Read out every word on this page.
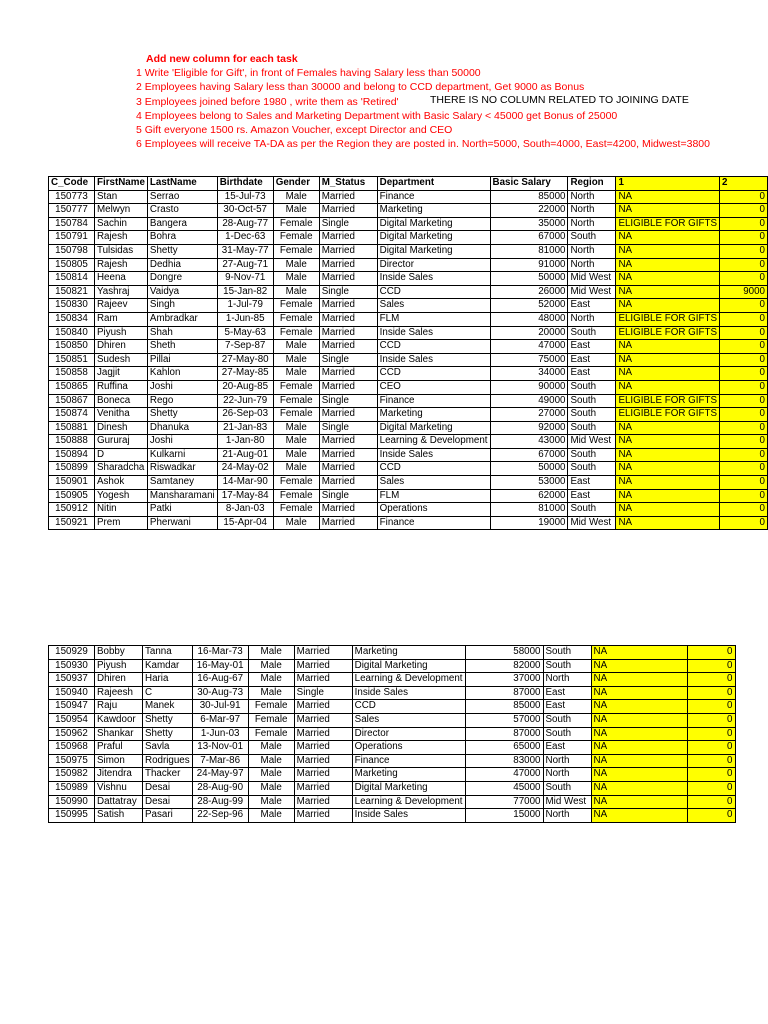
Add new column for each task
1 Write 'Eligible for Gift', in front of Females having Salary less than 50000
2 Employees having Salary less than 30000 and belong to CCD department, Get 9000 as Bonus
3 Employees joined before 1980 , write them as 'Retired'
4 Employees belong to Sales and Marketing Department with Basic Salary < 45000 get Bonus of 25000
5 Gift everyone 1500 rs. Amazon Voucher, except Director and CEO
6 Employees will receive TA-DA as per the Region they are posted in. North=5000, South=4000, East=4200, Midwest=3800
THERE IS NO COLUMN RELATED TO JOINING DATE
C_Code	FirstName	LastName	Birthdate	Gender	M_Status	Department	Basic Salary	Region	1	2
150773	Stan	Serrao	15-Jul-73	Male	Married	Finance	85000	North	NA	0
150777	Melwyn	Crasto	30-Oct-57	Male	Married	Marketing	22000	North	NA	0
150784	Sachin	Bangera	28-Aug-77	Female	Single	Digital Marketing	35000	North	ELIGIBLE FOR GIFTS	0
150791	Rajesh	Bohra	1-Dec-63	Female	Married	Digital Marketing	67000	South	NA	0
150798	Tulsidas	Shetty	31-May-77	Female	Married	Digital Marketing	81000	North	NA	0
150805	Rajesh	Dedhia	27-Aug-71	Male	Married	Director	91000	North	NA	0
150814	Heena	Dongre	9-Nov-71	Male	Married	Inside Sales	50000	Mid West	NA	0
150821	Yashraj	Vaidya	15-Jan-82	Male	Single	CCD	26000	Mid West	NA	9000
150830	Rajeev	Singh	1-Jul-79	Female	Married	Sales	52000	East	NA	0
150834	Ram	Ambradkar	1-Jun-85	Female	Married	FLM	48000	North	ELIGIBLE FOR GIFTS	0
150840	Piyush	Shah	5-May-63	Female	Married	Inside Sales	20000	South	ELIGIBLE FOR GIFTS	0
150850	Dhiren	Sheth	7-Sep-87	Male	Married	CCD	47000	East	NA	0
150851	Sudesh	Pillai	27-May-80	Male	Single	Inside Sales	75000	East	NA	0
150858	Jagjit	Kahlon	27-May-85	Male	Married	CCD	34000	East	NA	0
150865	Ruffina	Joshi	20-Aug-85	Female	Married	CEO	90000	South	NA	0
150867	Boneca	Rego	22-Jun-79	Female	Single	Finance	49000	South	ELIGIBLE FOR GIFTS	0
150874	Venitha	Shetty	26-Sep-03	Female	Married	Marketing	27000	South	ELIGIBLE FOR GIFTS	0
150881	Dinesh	Dhanuka	21-Jan-83	Male	Single	Digital Marketing	92000	South	NA	0
150888	Gururaj	Joshi	1-Jan-80	Male	Married	Learning & Development	43000	Mid West	NA	0
150894	D	Kulkarni	21-Aug-01	Male	Married	Inside Sales	67000	South	NA	0
150899	Sharadcha	Riswadkar	24-May-02	Male	Married	CCD	50000	South	NA	0
150901	Ashok	Samtaney	14-Mar-90	Female	Married	Sales	53000	East	NA	0
150905	Yogesh	Mansharamani	17-May-84	Female	Single	FLM	62000	East	NA	0
150912	Nitin	Patki	8-Jan-03	Female	Married	Operations	81000	South	NA	0
150921	Prem	Pherwani	15-Apr-04	Male	Married	Finance	19000	Mid West	NA	0
150929	Bobby	Tanna	16-Mar-73	Male	Married	Marketing	58000	South	NA	0
150930	Piyush	Kamdar	16-May-01	Male	Married	Digital Marketing	82000	South	NA	0
150937	Dhiren	Haria	16-Aug-67	Male	Married	Learning & Development	37000	North	NA	0
150940	Rajeesh	C	30-Aug-73	Male	Single	Inside Sales	87000	East	NA	0
150947	Raju	Manek	30-Jul-91	Female	Married	CCD	85000	East	NA	0
150954	Kawdoor	Shetty	6-Mar-97	Female	Married	Sales	57000	South	NA	0
150962	Shankar	Shetty	1-Jun-03	Female	Married	Director	87000	South	NA	0
150968	Praful	Savla	13-Nov-01	Male	Married	Operations	65000	East	NA	0
150975	Simon	Rodrigues	7-Mar-86	Male	Married	Finance	83000	North	NA	0
150982	Jitendra	Thacker	24-May-97	Male	Married	Marketing	47000	North	NA	0
150989	Vishnu	Desai	28-Aug-90	Male	Married	Digital Marketing	45000	South	NA	0
150990	Dattatray	Desai	28-Aug-99	Male	Married	Learning & Development	77000	Mid West	NA	0
150995	Satish	Pasari	22-Sep-96	Male	Married	Inside Sales	15000	North	NA	0
